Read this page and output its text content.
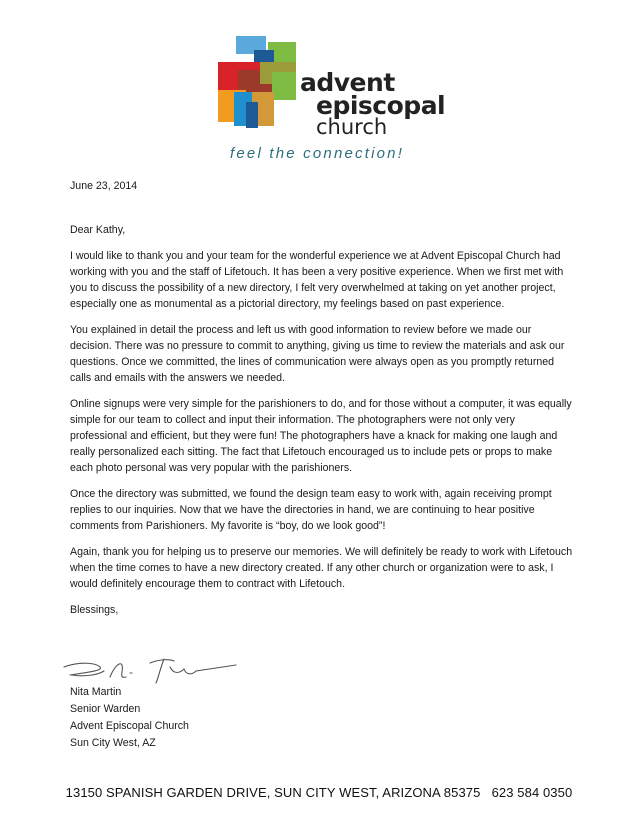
advent
episcopal
church
feel the connection!

June 23, 2014

Dear Kathy,

I would like to thank you and your team for the wonderful experience we at Advent Episcopal Church had working with you and the staff of Lifetouch. It has been a very positive experience. When we first met with you to discuss the possibility of a new directory, I felt very overwhelmed at taking on yet another project, especially one as monumental as a pictorial directory, my feelings based on past experience.

You explained in detail the process and left us with good information to review before we made our decision. There was no pressure to commit to anything, giving us time to review the materials and ask our questions. Once we committed, the lines of communication were always open as you promptly returned calls and emails with the answers we needed.

Online signups were very simple for the parishioners to do, and for those without a computer, it was equally simple for our team to collect and input their information. The photographers were not only very professional and efficient, but they were fun! The photographers have a knack for making one laugh and really personalized each sitting. The fact that Lifetouch encouraged us to include pets or props to make each photo personal was very popular with the parishioners.

Once the directory was submitted, we found the design team easy to work with, again receiving prompt replies to our inquiries. Now that we have the directories in hand, we are continuing to hear positive comments from Parishioners. My favorite is “boy, do we look good”!

Again, thank you for helping us to preserve our memories. We will definitely be ready to work with Lifetouch when the time comes to have a new directory created. If any other church or organization were to ask, I would definitely encourage them to contract with Lifetouch.

Blessings,

Nita Martin
Senior Warden
Advent Episcopal Church
Sun City West, AZ
13150 SPANISH GARDEN DRIVE, SUN CITY WEST, ARIZONA 85375 623 584 0350
